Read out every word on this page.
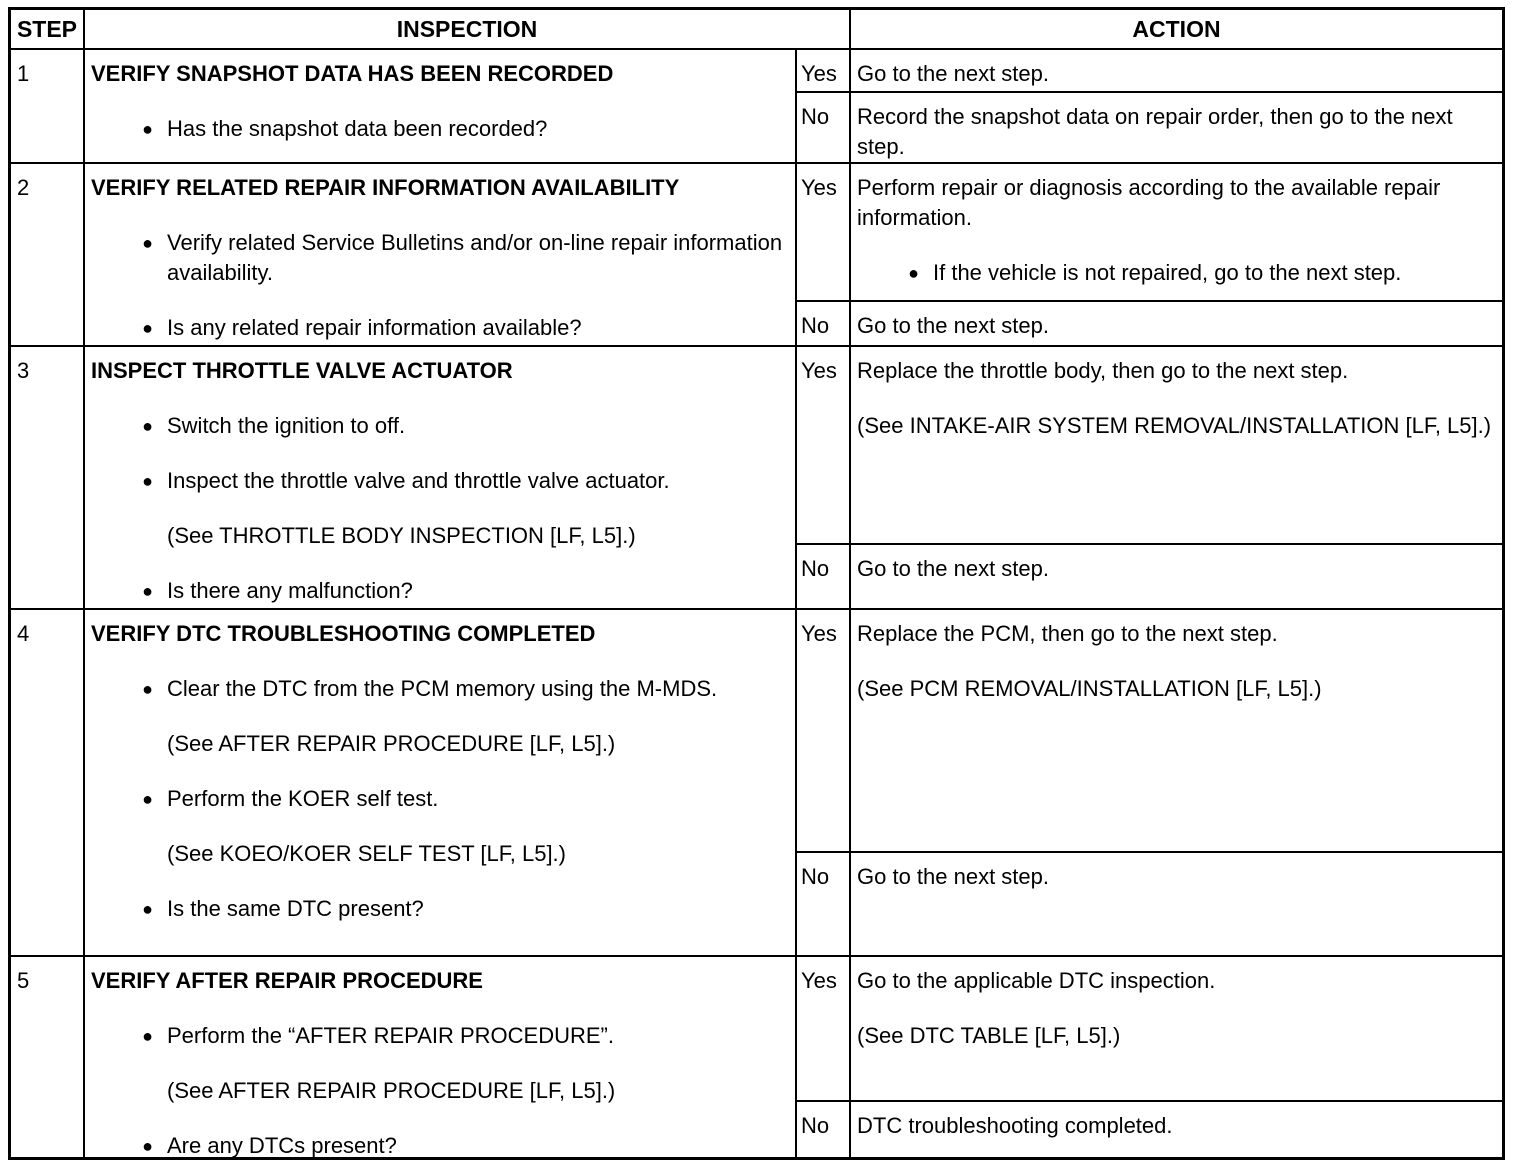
STEP	INSPECTION	ACTION
1	VERIFY SNAPSHOT DATA HAS BEEN RECORDED
● Has the snapshot data been recorded?
Yes Go to the next step.
No	Record the snapshot data on repair order, then go to the next step.
2	VERIFY RELATED REPAIR INFORMATION AVAILABILITY
● Verify related Service Bulletins and/or on-line repair information availability.
● Is any related repair information available?
Yes Perform repair or diagnosis according to the available repair information.
● If the vehicle is not repaired, go to the next step.
No	Go to the next step.
3	INSPECT THROTTLE VALVE ACTUATOR
● Switch the ignition to off.
● Inspect the throttle valve and throttle valve actuator.
(See THROTTLE BODY INSPECTION [LF, L5].)
● Is there any malfunction?
Yes Replace the throttle body, then go to the next step.
(See INTAKE-AIR SYSTEM REMOVAL/INSTALLATION [LF, L5].)
No	Go to the next step.
4	VERIFY DTC TROUBLESHOOTING COMPLETED
● Clear the DTC from the PCM memory using the M-MDS.
(See AFTER REPAIR PROCEDURE [LF, L5].)
● Perform the KOER self test.
(See KOEO/KOER SELF TEST [LF, L5].)
● Is the same DTC present?
Yes Replace the PCM, then go to the next step.
(See PCM REMOVAL/INSTALLATION [LF, L5].)
No	Go to the next step.
5	VERIFY AFTER REPAIR PROCEDURE
● Perform the “AFTER REPAIR PROCEDURE”.
(See AFTER REPAIR PROCEDURE [LF, L5].)
● Are any DTCs present?
Yes Go to the applicable DTC inspection.
(See DTC TABLE [LF, L5].)
No	DTC troubleshooting completed.
